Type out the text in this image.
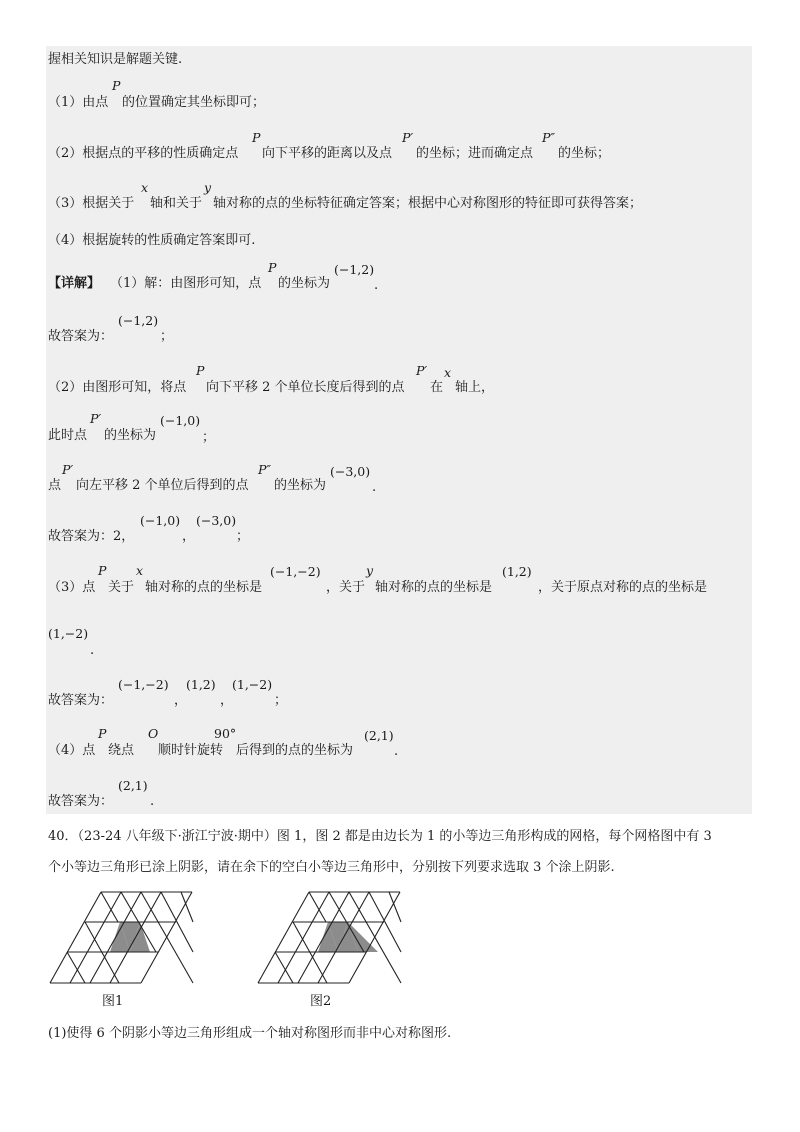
握相关知识是解题关键.
（1）由点
P
的位置确定其坐标即可；
（2）根据点的平移的性质确定点
P
向下平移的距离以及点
P′
的坐标；进而确定点
P″
的坐标；
（3）根据关于
x
轴和关于
y
轴对称的点的坐标特征确定答案；根据中心对称图形的特征即可获得答案；
（4）根据旋转的性质确定答案即可.
【详解】 （1）解：由图形可知，点
P
的坐标为
(−1,2)
.
故答案为：
(−1,2)
；
（2）由图形可知，将点
P
向下平移 2 个单位长度后得到的点
P′ x
在 轴上，
此时点
P′
的坐标为
(−1,0)
；
点
P′
向左平移 2 个单位后得到的点
P″
的坐标为
(−3,0)
.
故答案为：2，
(−1,0)
，
(−3,0)
；
（3）点
P
关于
x
轴对称的点的坐标是
(−1,−2)
，关于
y
轴对称的点的坐标是
(1,2)
，关于原点对称的点的坐标是
(1,−2)
.
故答案为：
(−1,−2)
，
(1,2)
，
(1,−2)
；
（4）点
P
绕点
O
顺时针旋转
90°
后得到的点的坐标为
(2,1)
.
故答案为：
(2,1)
.
40．（23-24 八年级下·浙江宁波·期中）图 1，图 2 都是由边长为 1 的小等边三角形构成的网格，每个网格图中有 3
个小等边三角形已涂上阴影，请在余下的空白小等边三角形中，分别按下列要求选取 3 个涂上阴影.
图1	图2
(1)使得 6 个阴影小等边三角形组成一个轴对称图形而非中心对称图形.
